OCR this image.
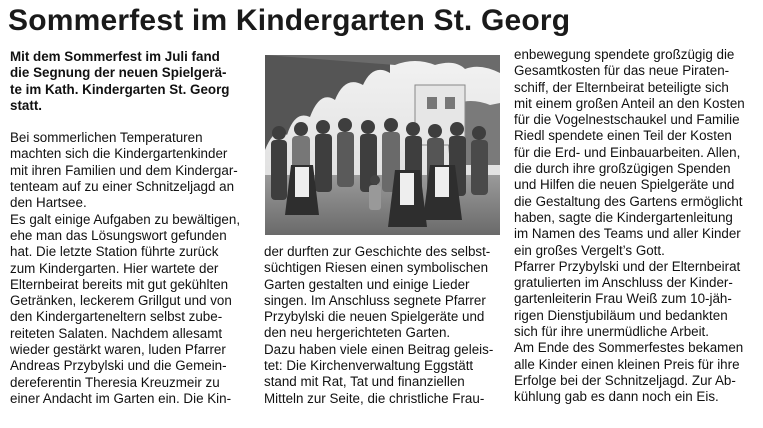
Sommerfest im Kindergarten St. Georg

Mit dem Sommerfest im Juli fand
die Segnung der neuen Spielgerä-
te im Kath. Kindergarten St. Georg
statt.

Bei sommerlichen Temperaturen
machten sich die Kindergartenkinder
mit ihren Familien und dem Kindergar-
tenteam auf zu einer Schnitzeljagd an
den Hartsee.

Es galt einige Aufgaben zu bewältigen,
ehe man das Lösungswort gefunden
hat. Die letzte Station führte zurück
zum Kindergarten. Hier wartete der
Elternbeirat bereits mit gut gekühlten
Getränken, leckerem Grillgut und von
den Kindergarteneltern selbst zube-
reiteten Salaten. Nachdem allesamt
wieder gestärkt waren, luden Pfarrer
Andreas Przybylski und die Gemein-
dereferentin Theresia Kreuzmeir zu
einer Andacht im Garten ein. Die Kin-

der durften zur Geschichte des selbst-
süchtigen Riesen einen symbolischen
Garten gestalten und einige Lieder
singen. Im Anschluss segnete Pfarrer
Przybylski die neuen Spielgeräte und
den neu hergerichteten Garten.

Dazu haben viele einen Beitrag geleis-
tet: Die Kirchenverwaltung Eggstätt
stand mit Rat, Tat und finanziellen
Mitteln zur Seite, die christliche Frau-

enbewegung spendete großzügig die
Gesamtkosten für das neue Piraten-
schiff, der Elternbeirat beteiligte sich
mit einem großen Anteil an den Kosten
für die Vogelnestschaukel und Familie
Riedl spendete einen Teil der Kosten
für die Erd- und Einbauarbeiten. Allen,
die durch ihre großzügigen Spenden
und Hilfen die neuen Spielgeräte und
die Gestaltung des Gartens ermöglicht
haben, sagte die Kindergartenleitung
im Namen des Teams und aller Kinder
ein großes Vergelt’s Gott.

Pfarrer Przybylski und der Elternbeirat
gratulierten im Anschluss der Kinder-
gartenleiterin Frau Weiß zum 10-jäh-
rigen Dienstjubiläum und bedankten
sich für ihre unermüdliche Arbeit.

Am Ende des Sommerfestes bekamen
alle Kinder einen kleinen Preis für ihre
Erfolge bei der Schnitzeljagd. Zur Ab-
kühlung gab es dann noch ein Eis.
